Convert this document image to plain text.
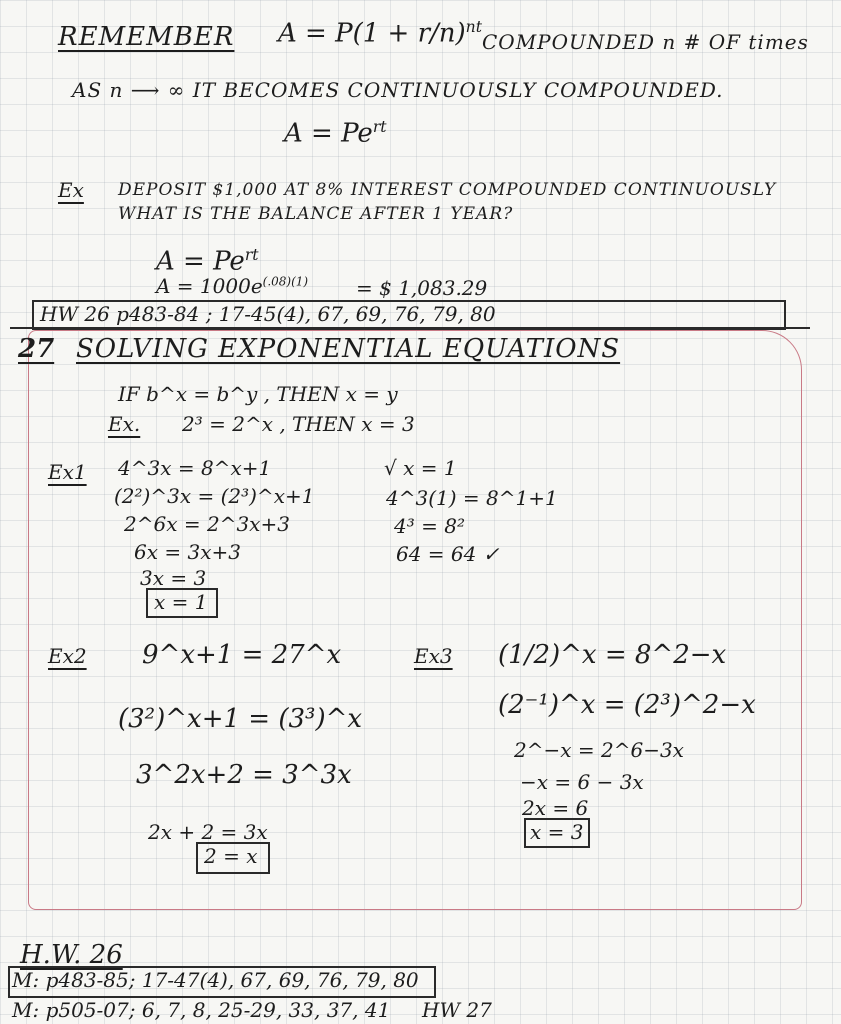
REMEMBER $A = P(1 + r/n)^{nt}$
COMPOUNDED n # OF times
AS n ⟶ ∞ IT BECOMES CONTINUOUSLY COMPOUNDED.
$A = Pe^{rt}$
Ex DEPOSIT $1,000 AT 8% INTEREST COMPOUNDED CONTINUOUSLY
WHAT IS THE BALANCE AFTER 1 YEAR?
$A = Pe^{rt}$
$A = 1000e^{(.08)(1)}$ = $ 1,083.29
HW 26 p483-84 ; 17-45(4), 67, 69, 76, 79, 80
27 SOLVING EXPONENTIAL EQUATIONS
IF b^x = b^y , THEN x = y
Ex. 2³ = 2^x , THEN x = 3
Ex1 4^3x = 8^x+1
(2²)^3x = (2³)^x+1
2^6x = 2^3x+3
6x = 3x+3
3x = 3
x = 1
√ x = 1
4^3(1) = 8^1+1
4³ = 8²
64 = 64 ✓
Ex2 9^x+1 = 27^x
(3²)^x+1 = (3³)^x
3^2x+2 = 3^3x
2x + 2 = 3x
2 = x
Ex3 (1/2)^x = 8^2−x
(2⁻¹)^x = (2³)^2−x
2^−x = 2^6−3x
−x = 6 − 3x
2x = 6
x = 3
H.W. 26
M: p483-85; 17-47(4), 67, 69, 76, 79, 80
M: p505-07; 6, 7, 8, 25-29, 33, 37, 41 HW 27
